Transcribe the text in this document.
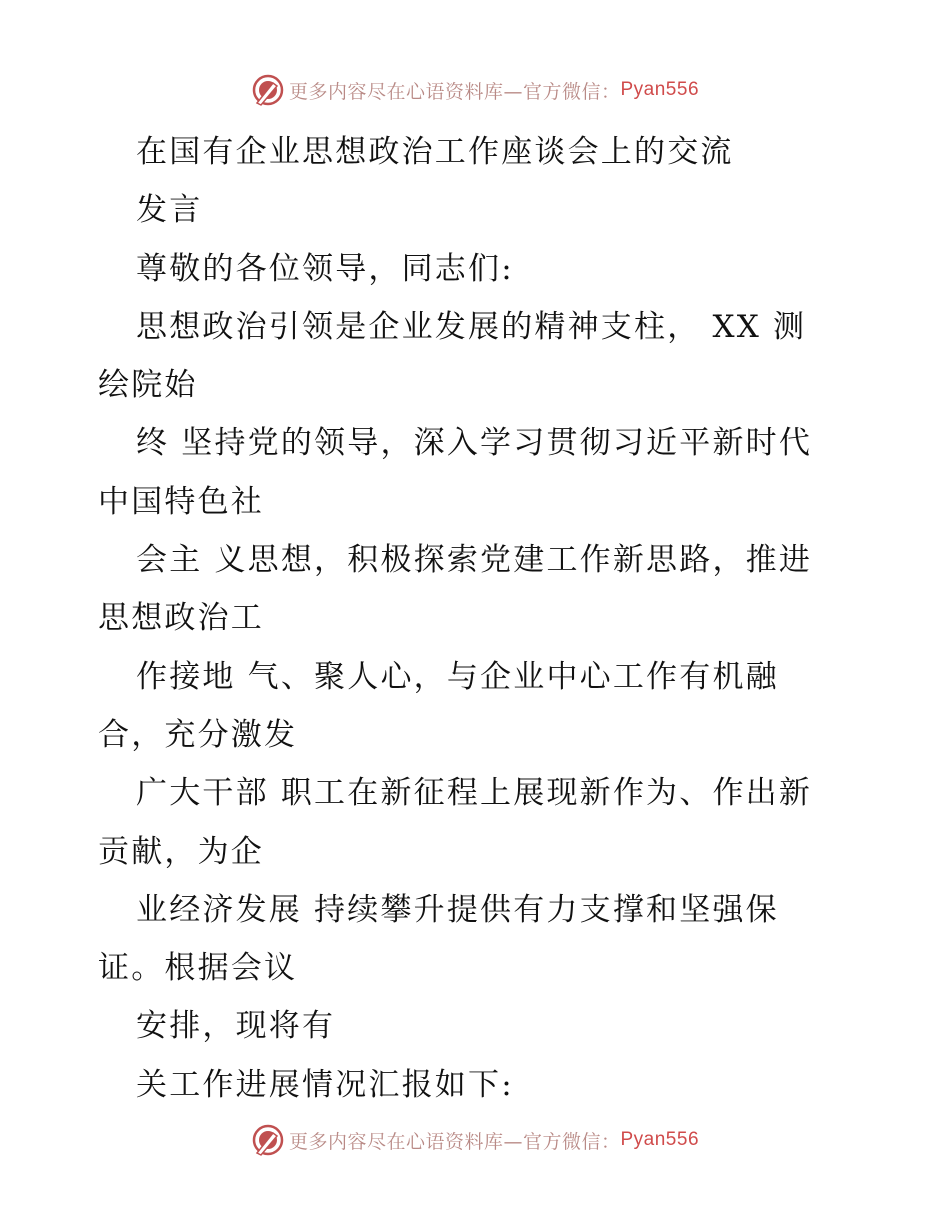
更多内容尽在心语资料库—官方微信： Pyan556
在国有企业思想政治工作座谈会上的交流
发言
尊敬的各位领导，同志们:
思想政治引领是企业发展的精神支柱， XX 测
绘院始
终 坚持党的领导，深入学习贯彻习近平新时代
中国特色社
会主 义思想，积极探索党建工作新思路，推进
思想政治工
作接地 气、聚人心，与企业中心工作有机融
合，充分激发
广大干部 职工在新征程上展现新作为、作出新
贡献，为企
业经济发展 持续攀升提供有力支撑和坚强保
证。根据会议
安排，现将有
关工作进展情况汇报如下:
更多内容尽在心语资料库—官方微信： Pyan556
